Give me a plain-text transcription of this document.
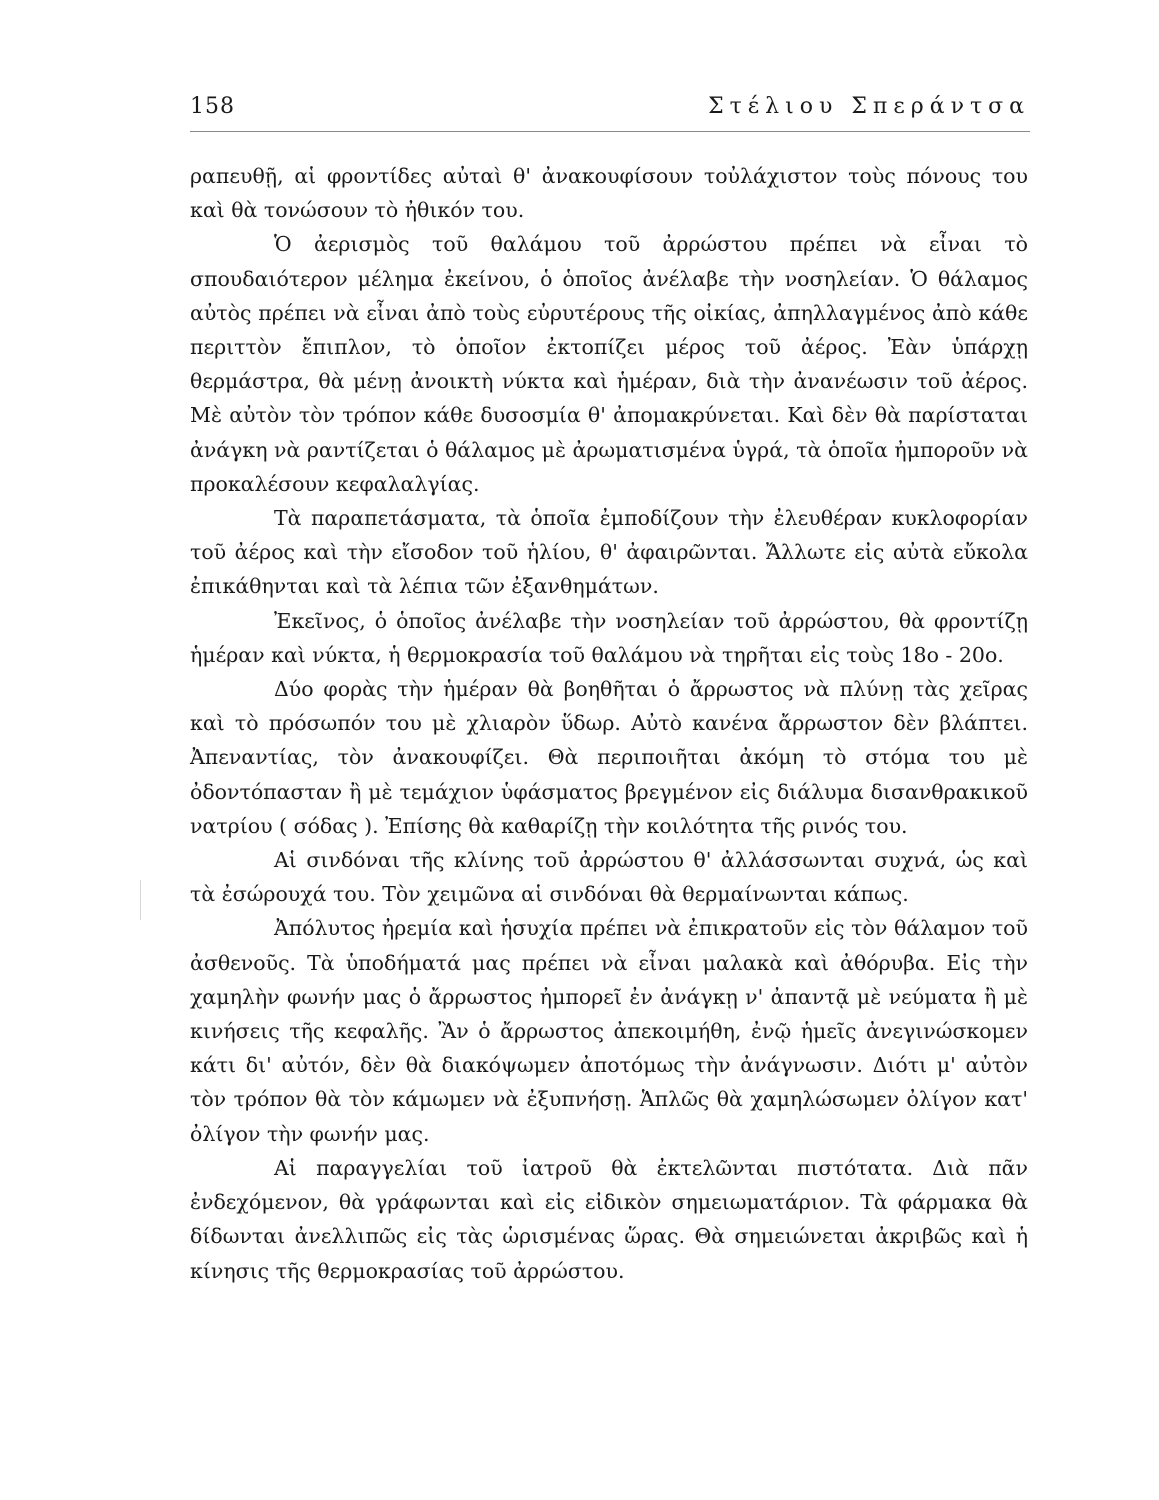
158	Στέλιου Σπεράντσα

ραπευθῇ, αἱ φροντίδες αὐταὶ θ' ἀνακουφίσουν τοὐλάχιστον τοὺς πόνους του καὶ θὰ τονώσουν τὸ ἠθικόν του.

Ὁ ἀερισμὸς τοῦ θαλάμου τοῦ ἀρρώστου πρέπει νὰ εἶναι τὸ σπουδαιότερον μέλημα ἐκείνου, ὁ ὁποῖος ἀνέλαβε τὴν νοσηλείαν. Ὁ θάλαμος αὐτὸς πρέπει νὰ εἶναι ἀπὸ τοὺς εὐρυτέρους τῆς οἰκίας, ἀπηλλαγμένος ἀπὸ κάθε περιττὸν ἔπιπλον, τὸ ὁποῖον ἐκτοπίζει μέρος τοῦ ἀέρος. Ἐὰν ὑπάρχῃ θερμάστρα, θὰ μένῃ ἀνοικτὴ νύκτα καὶ ἡμέραν, διὰ τὴν ἀνανέωσιν τοῦ ἀέρος. Μὲ αὐτὸν τὸν τρόπον κάθε δυσοσμία θ' ἀπομακρύνεται. Καὶ δὲν θὰ παρίσταται ἀνάγκη νὰ ραντίζεται ὁ θάλαμος μὲ ἀρωματισμένα ὑγρά, τὰ ὁποῖα ἠμποροῦν νὰ προκαλέσουν κεφαλαλγίας.

Τὰ παραπετάσματα, τὰ ὁποῖα ἐμποδίζουν τὴν ἐλευθέραν κυκλοφορίαν τοῦ ἀέρος καὶ τὴν εἴσοδον τοῦ ἡλίου, θ' ἀφαιρῶνται. Ἄλλωτε εἰς αὐτὰ εὔκολα ἐπικάθηνται καὶ τὰ λέπια τῶν ἐξανθημάτων.

Ἐκεῖνος, ὁ ὁποῖος ἀνέλαβε τὴν νοσηλείαν τοῦ ἀρρώστου, θὰ φροντίζῃ ἡμέραν καὶ νύκτα, ἡ θερμοκρασία τοῦ θαλάμου νὰ τηρῆται εἰς τοὺς 18ο - 20ο.

Δύο φορὰς τὴν ἡμέραν θὰ βοηθῆται ὁ ἄρρωστος νὰ πλύνῃ τὰς χεῖρας καὶ τὸ πρόσωπόν του μὲ χλιαρὸν ὕδωρ. Αὐτὸ κανένα ἄρρωστον δὲν βλάπτει. Ἀπεναντίας, τὸν ἀνακουφίζει. Θὰ περιποιῆται ἀκόμη τὸ στόμα του μὲ ὀδοντόπασταν ἢ μὲ τεμάχιον ὑφάσματος βρεγμένον εἰς διάλυμα δισανθρακικοῦ νατρίου ( σόδας ). Ἐπίσης θὰ καθαρίζῃ τὴν κοιλότητα τῆς ρινός του.

Αἱ σινδόναι τῆς κλίνης τοῦ ἀρρώστου θ' ἀλλάσσωνται συχνά, ὡς καὶ τὰ ἐσώρουχά του. Τὸν χειμῶνα αἱ σινδόναι θὰ θερμαίνωνται κάπως.

Ἀπόλυτος ἠρεμία καὶ ἡσυχία πρέπει νὰ ἐπικρατοῦν εἰς τὸν θάλαμον τοῦ ἀσθενοῦς. Τὰ ὑποδήματά μας πρέπει νὰ εἶναι μαλακὰ καὶ ἀθόρυβα. Εἰς τὴν χαμηλὴν φωνήν μας ὁ ἄρρωστος ἠμπορεῖ ἐν ἀνάγκῃ ν' ἀπαντᾷ μὲ νεύματα ἢ μὲ κινήσεις τῆς κεφαλῆς. Ἂν ὁ ἄρρωστος ἀπεκοιμήθη, ἐνῷ ἡμεῖς ἀνεγινώσκομεν κάτι δι' αὐτόν, δὲν θὰ διακόψωμεν ἀποτόμως τὴν ἀνάγνωσιν. Διότι μ' αὐτὸν τὸν τρόπον θὰ τὸν κάμωμεν νὰ ἐξυπνήσῃ. Ἁπλῶς θὰ χαμηλώσωμεν ὀλίγον κατ' ὀλίγον τὴν φωνήν μας.

Αἱ παραγγελίαι τοῦ ἰατροῦ θὰ ἐκτελῶνται πιστότατα. Διὰ πᾶν ἐνδεχόμενον, θὰ γράφωνται καὶ εἰς εἰδικὸν σημειωματάριον. Τὰ φάρμακα θὰ δίδωνται ἀνελλιπῶς εἰς τὰς ὡρισμένας ὥρας. Θὰ σημειώνεται ἀκριβῶς καὶ ἡ κίνησις τῆς θερμοκρασίας τοῦ ἀρρώστου.
